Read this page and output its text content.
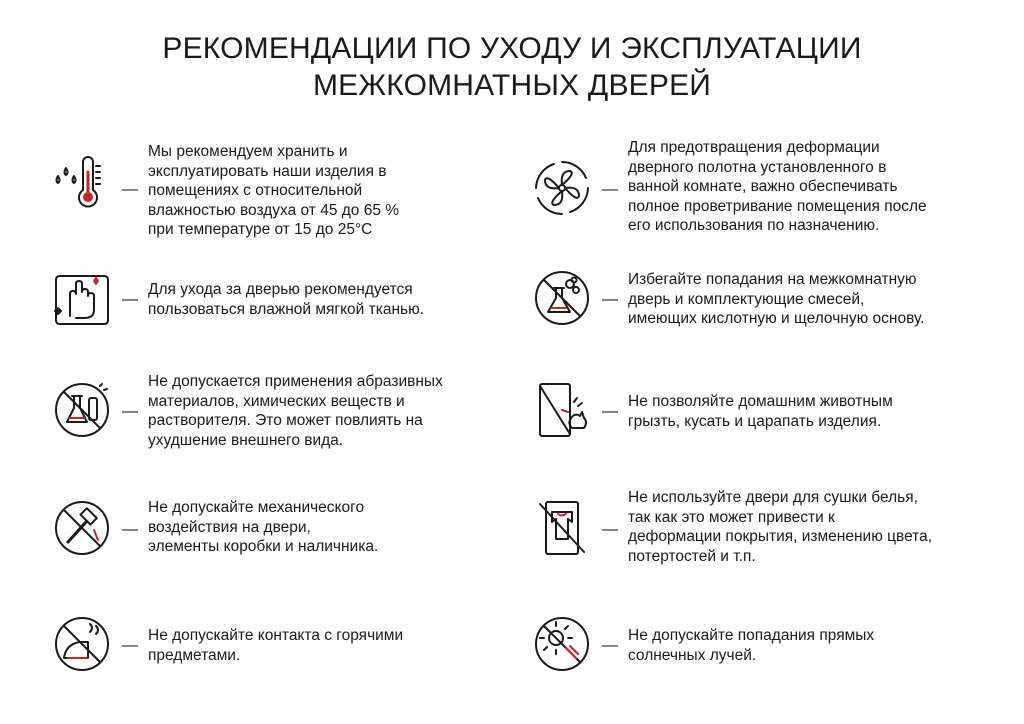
РЕКОМЕНДАЦИИ ПО УХОДУ И ЭКСПЛУАТАЦИИ
МЕЖКОМНАТНЫХ ДВЕРЕЙ
—
Мы рекомендуем хранить и
эксплуатировать наши изделия в
помещениях с относительной
влажностью воздуха от 45 до 65 %
при температуре от 15 до 25°С
—
Для ухода за дверью рекомендуется
пользоваться влажной мягкой тканью.
—
Не допускается применения абразивных
материалов, химических веществ и
растворителя. Это может повлиять на
ухудшение внешнего вида.
—
Не допускайте механического
воздействия на двери,
элементы коробки и наличника.
—
Не допускайте контакта с горячими
предметами.
—
Для предотвращения деформации
дверного полотна установленного в
ванной комнате, важно обеспечивать
полное проветривание помещения после
его использования по назначению.
—
Избегайте попадания на межкомнатную
дверь и комплектующие смесей,
имеющих кислотную и щелочную основу.
—
Не позволяйте домашним животным
грызть, кусать и царапать изделия.
—
Не используйте двери для сушки белья,
так как это может привести к
деформации покрытия, изменению цвета,
потертостей и т.п.
—
Не допускайте попадания прямых
солнечных лучей.
